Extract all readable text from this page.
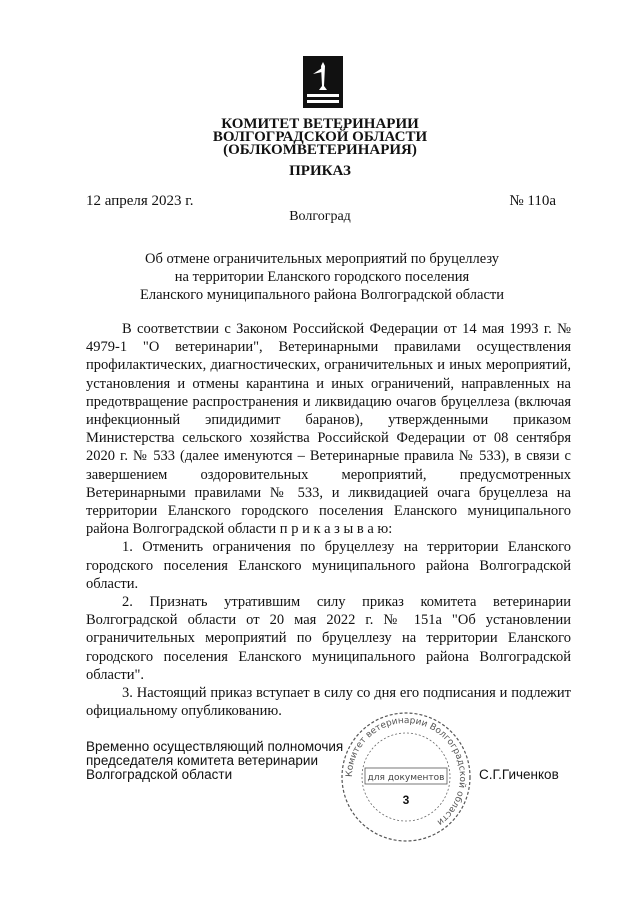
КОМИТЕТ ВЕТЕРИНАРИИ
ВОЛГОГРАДСКОЙ ОБЛАСТИ
(ОБЛКОМВЕТЕРИНАРИЯ)
ПРИКАЗ
12 апреля 2023 г.	№ 110а
Волгоград
Об отмене ограничительных мероприятий по бруцеллезу
на территории Еланского городского поселения
Еланского муниципального района Волгоградской области

В соответствии с Законом Российской Федерации от 14 мая 1993 г. № 4979-1 "О ветеринарии", Ветеринарными правилами осуществления профилактических, диагностических, ограничительных и иных мероприятий, установления и отмены карантина и иных ограничений, направленных на предотвращение распространения и ликвидацию очагов бруцеллеза (включая инфекционный эпидидимит баранов), утвержденными приказом Министерства сельского хозяйства Российской Федерации от 08 сентября 2020 г. № 533 (далее именуются – Ветеринарные правила № 533), в связи с завершением оздоровительных мероприятий, предусмотренных Ветеринарными правилами № 533, и ликвидацией очага бруцеллеза на территории Еланского городского поселения Еланского муниципального района Волгоградской области п р и к а з ы в а ю:

1. Отменить ограничения по бруцеллезу на территории Еланского городского поселения Еланского муниципального района Волгоградской области.

2. Признать утратившим силу приказ комитета ветеринарии Волгоградской области от 20 мая 2022 г. № 151а "Об установлении ограничительных мероприятий по бруцеллезу на территории Еланского городского поселения Еланского муниципального района Волгоградской области".

3. Настоящий приказ вступает в силу со дня его подписания и подлежит официальному опубликованию.

Комитет ветеринарии Волгоградской области
для документов
3
Временно осуществляющий полномочия
председателя комитета ветеринарии
Волгоградской области	С.Г.Гиченков
